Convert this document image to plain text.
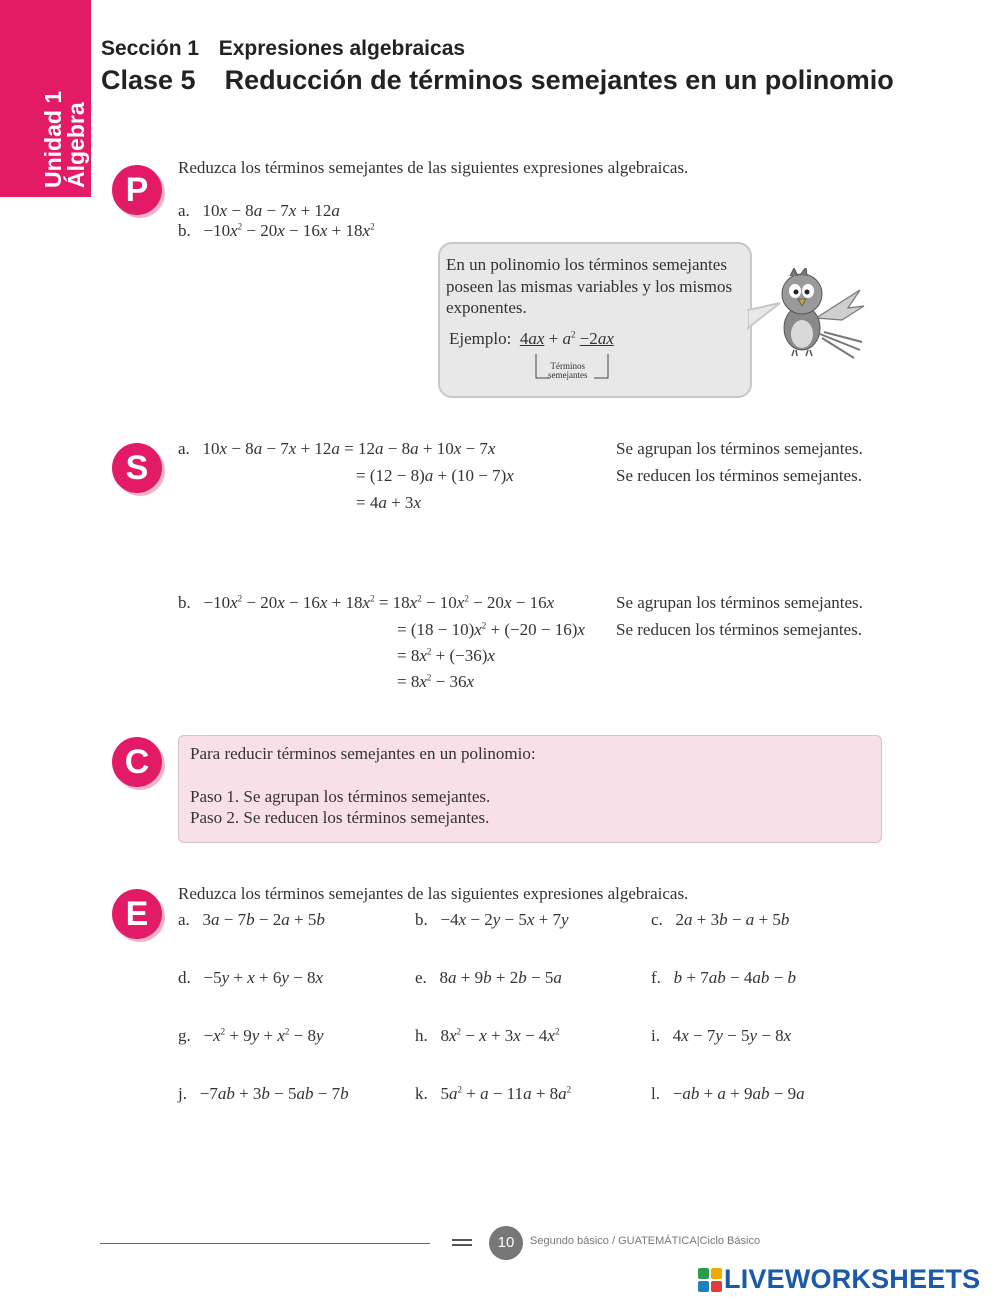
Unidad 1
Álgebra
Sección 1 Expresiones algebraicas
Clase 5 Reducción de términos semejantes en un polinomio
P
S
C
E
Reduzca los términos semejantes de las siguientes expresiones algebraicas.
a.   10x − 8a − 7x + 12a
b.   $-10x^2 - 20x - 16x + 18x^2$
En un polinomio los términos semejantes
poseen las mismas variables y los mismos
exponentes.
Ejemplo: $4ax + a^2 -2ax$
Términos
semejantes
a.   10x − 8a − 7x + 12a = 12a − 8a + 10x − 7x
= (12 − 8)a + (10 − 7)x
= 4a + 3x
Se agrupan los términos semejantes.
Se reducen los términos semejantes.
b.   $-10x^2 - 20x - 16x + 18x^2 = 18x^2 - 10x^2 - 20x - 16x$
= $(18 - 10)x^2 + (-20 - 16)x$
= $8x^2 + (-36)x$
= $8x^2 - 36x$
Se agrupan los términos semejantes.
Se reducen los términos semejantes.
Para reducir términos semejantes en un polinomio:
Paso 1. Se agrupan los términos semejantes.
Paso 2. Se reducen los términos semejantes.
Reduzca los términos semejantes de las siguientes expresiones algebraicas.
a.   3a − 7b − 2a + 5b	b.   −4x − 2y − 5x + 7y	c.   2a + 3b − a + 5b
d.   −5y + x + 6y − 8x	e.   8a + 9b + 2b − 5a	f. b + 7ab − 4ab − b
g.   $-x^2 + 9y + x^2 - 8y$	h.   $8x^2 - x + 3x - 4x^2$	i.   4x − 7y − 5y − 8x
j.   −7ab + 3b − 5ab − 7b	k.   $5a^2 + a - 11a + 8a^2$	l.   −ab + a + 9ab − 9a
10	Segundo básico / GUATEMÁTICA|Ciclo Básico
LIVEWORKSHEETS
